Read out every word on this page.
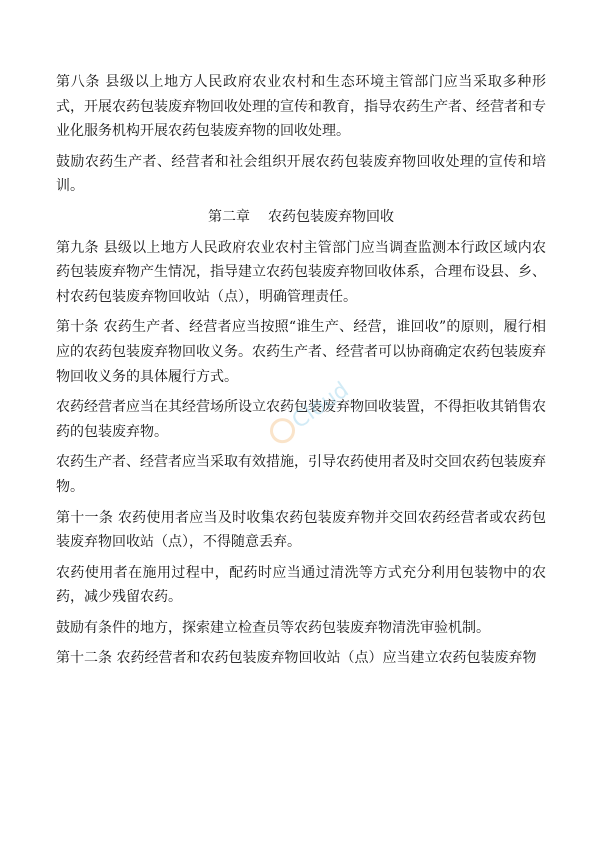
第八条 县级以上地方人民政府农业农村和生态环境主管部门应当采取多种形式，开展农药包装废弃物回收处理的宣传和教育，指导农药生产者、经营者和专业化服务机构开展农药包装废弃物的回收处理。

鼓励农药生产者、经营者和社会组织开展农药包装废弃物回收处理的宣传和培训。

第二章 农药包装废弃物回收

第九条 县级以上地方人民政府农业农村主管部门应当调查监测本行政区域内农药包装废弃物产生情况，指导建立农药包装废弃物回收体系，合理布设县、乡、村农药包装废弃物回收站（点），明确管理责任。

第十条 农药生产者、经营者应当按照“谁生产、经营，谁回收”的原则，履行相应的农药包装废弃物回收义务。农药生产者、经营者可以协商确定农药包装废弃物回收义务的具体履行方式。

农药经营者应当在其经营场所设立农药包装废弃物回收装置，不得拒收其销售农药的包装废弃物。

农药生产者、经营者应当采取有效措施，引导农药使用者及时交回农药包装废弃物。

第十一条 农药使用者应当及时收集农药包装废弃物并交回农药经营者或农药包装废弃物回收站（点），不得随意丢弃。

农药使用者在施用过程中，配药时应当通过清洗等方式充分利用包装物中的农药，减少残留农药。

鼓励有条件的地方，探索建立检查员等农药包装废弃物清洗审验机制。

第十二条 农药经营者和农药包装废弃物回收站（点）应当建立农药包装废弃物

Cloud
